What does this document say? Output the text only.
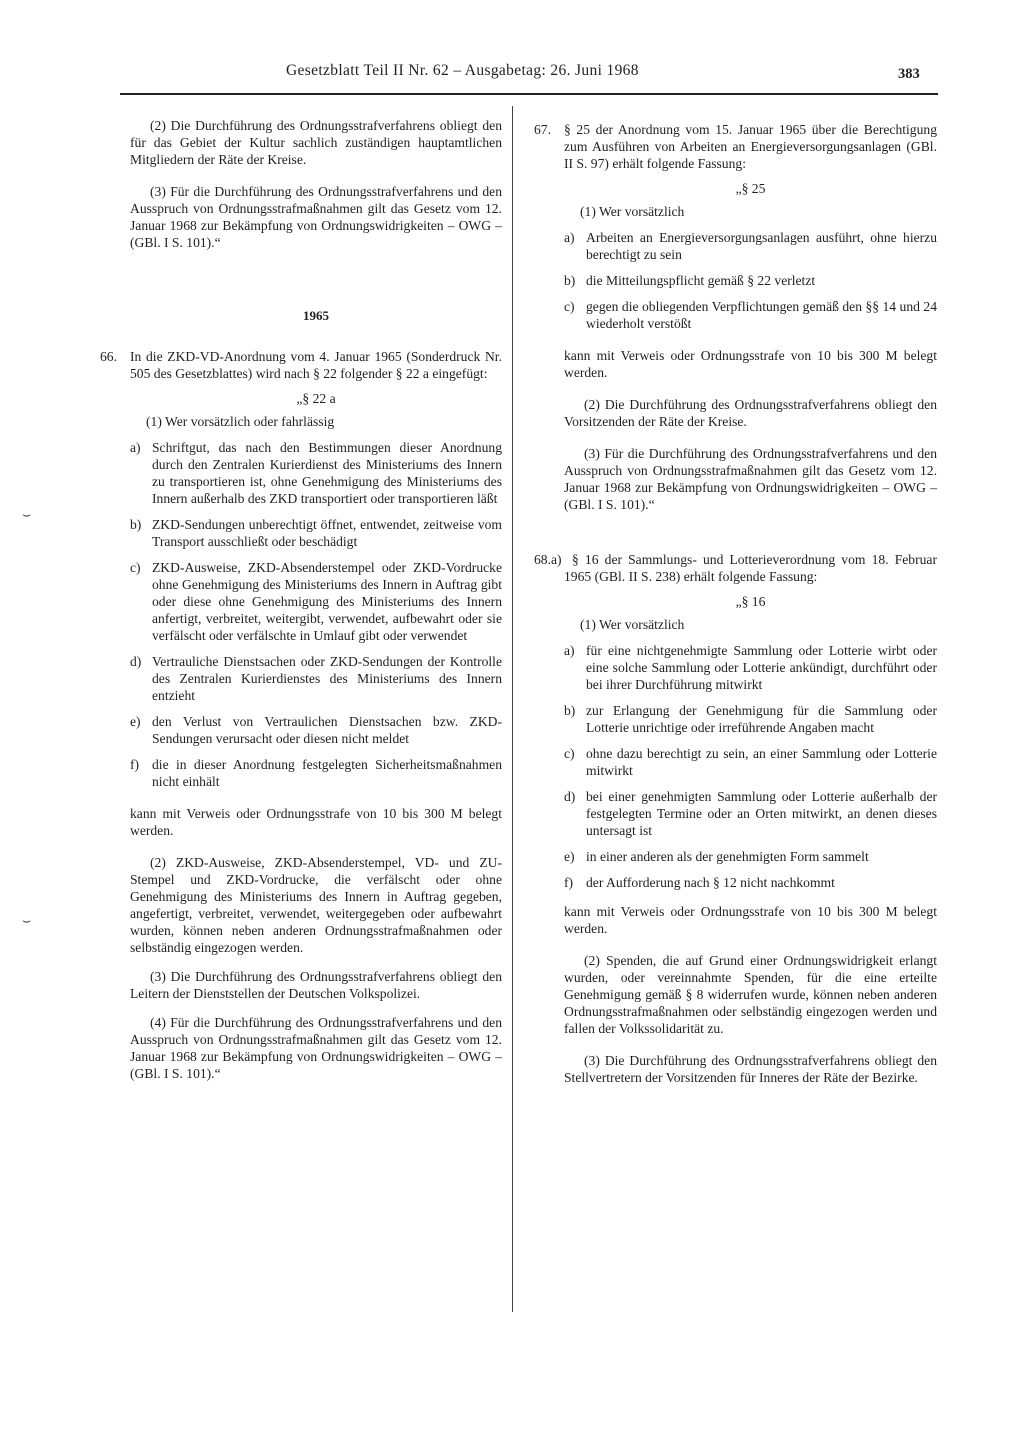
Gesetzblatt Teil II Nr. 62 – Ausgabetag: 26. Juni 1968	383
⌣
⌣

(2) Die Durchführung des Ordnungsstrafverfahrens obliegt den für das Gebiet der Kultur sachlich zuständigen hauptamtlichen Mitgliedern der Räte der Kreise.

(3) Für die Durchführung des Ordnungsstrafverfahrens und den Ausspruch von Ordnungsstrafmaßnahmen gilt das Gesetz vom 12. Januar 1968 zur Bekämpfung von Ordnungswidrigkeiten – OWG – (GBl. I S. 101).“

1965
66. In die ZKD-VD-Anordnung vom 4. Januar 1965 (Sonderdruck Nr. 505 des Gesetzblattes) wird nach § 22 folgender § 22 a eingefügt:

„§ 22 a

(1) Wer vorsätzlich oder fahrlässig

a) Schriftgut, das nach den Bestimmungen dieser Anordnung durch den Zentralen Kurierdienst des Ministeriums des Innern zu transportieren ist, ohne Genehmigung des Ministeriums des Innern außerhalb des ZKD transportiert oder transportieren läßt
b) ZKD-Sendungen unberechtigt öffnet, entwendet, zeitweise vom Transport ausschließt oder beschädigt
c) ZKD-Ausweise, ZKD-Absenderstempel oder ZKD-Vordrucke ohne Genehmigung des Ministeriums des Innern in Auftrag gibt oder diese ohne Genehmigung des Ministeriums des Innern anfertigt, verbreitet, weitergibt, verwendet, aufbewahrt oder sie verfälscht oder verfälschte in Umlauf gibt oder verwendet
d) Vertrauliche Dienstsachen oder ZKD-Sendungen der Kontrolle des Zentralen Kurierdienstes des Ministeriums des Innern entzieht
e) den Verlust von Vertraulichen Dienstsachen bzw. ZKD-Sendungen verursacht oder diesen nicht meldet
f) die in dieser Anordnung festgelegten Sicherheitsmaßnahmen nicht einhält

kann mit Verweis oder Ordnungsstrafe von 10 bis 300 M belegt werden.

(2) ZKD-Ausweise, ZKD-Absenderstempel, VD- und ZU-Stempel und ZKD-Vordrucke, die verfälscht oder ohne Genehmigung des Ministeriums des Innern in Auftrag gegeben, angefertigt, verbreitet, verwendet, weitergegeben oder aufbewahrt wurden, können neben anderen Ordnungsstrafmaßnahmen oder selbständig eingezogen werden.

(3) Die Durchführung des Ordnungsstrafverfahrens obliegt den Leitern der Dienststellen der Deutschen Volkspolizei.

(4) Für die Durchführung des Ordnungsstrafverfahrens und den Ausspruch von Ordnungsstrafmaßnahmen gilt das Gesetz vom 12. Januar 1968 zur Bekämpfung von Ordnungswidrigkeiten – OWG – (GBl. I S. 101).“

67. § 25 der Anordnung vom 15. Januar 1965 über die Berechtigung zum Ausführen von Arbeiten an Energieversorgungsanlagen (GBl. II S. 97) erhält folgende Fassung:

„§ 25

(1) Wer vorsätzlich

a) Arbeiten an Energieversorgungsanlagen ausführt, ohne hierzu berechtigt zu sein
b) die Mitteilungspflicht gemäß § 22 verletzt
c) gegen die obliegenden Verpflichtungen gemäß den §§ 14 und 24 wiederholt verstößt

kann mit Verweis oder Ordnungsstrafe von 10 bis 300 M belegt werden.

(2) Die Durchführung des Ordnungsstrafverfahrens obliegt den Vorsitzenden der Räte der Kreise.

(3) Für die Durchführung des Ordnungsstrafverfahrens und den Ausspruch von Ordnungsstrafmaßnahmen gilt das Gesetz vom 12. Januar 1968 zur Bekämpfung von Ordnungswidrigkeiten – OWG – (GBl. I S. 101).“

68.a) § 16 der Sammlungs- und Lotterieverordnung vom 18. Februar 1965 (GBl. II S. 238) erhält folgende Fassung:

„§ 16

(1) Wer vorsätzlich

a) für eine nichtgenehmigte Sammlung oder Lotterie wirbt oder eine solche Sammlung oder Lotterie ankündigt, durchführt oder bei ihrer Durchführung mitwirkt
b) zur Erlangung der Genehmigung für die Sammlung oder Lotterie unrichtige oder irreführende Angaben macht
c) ohne dazu berechtigt zu sein, an einer Sammlung oder Lotterie mitwirkt
d) bei einer genehmigten Sammlung oder Lotterie außerhalb der festgelegten Termine oder an Orten mitwirkt, an denen dieses untersagt ist
e) in einer anderen als der genehmigten Form sammelt
f) der Aufforderung nach § 12 nicht nachkommt

kann mit Verweis oder Ordnungsstrafe von 10 bis 300 M belegt werden.

(2) Spenden, die auf Grund einer Ordnungswidrigkeit erlangt wurden, oder vereinnahmte Spenden, für die eine erteilte Genehmigung gemäß § 8 widerrufen wurde, können neben anderen Ordnungsstrafmaßnahmen oder selbständig eingezogen werden und fallen der Volkssolidarität zu.

(3) Die Durchführung des Ordnungsstrafverfahrens obliegt den Stellvertretern der Vorsitzenden für Inneres der Räte der Bezirke.
